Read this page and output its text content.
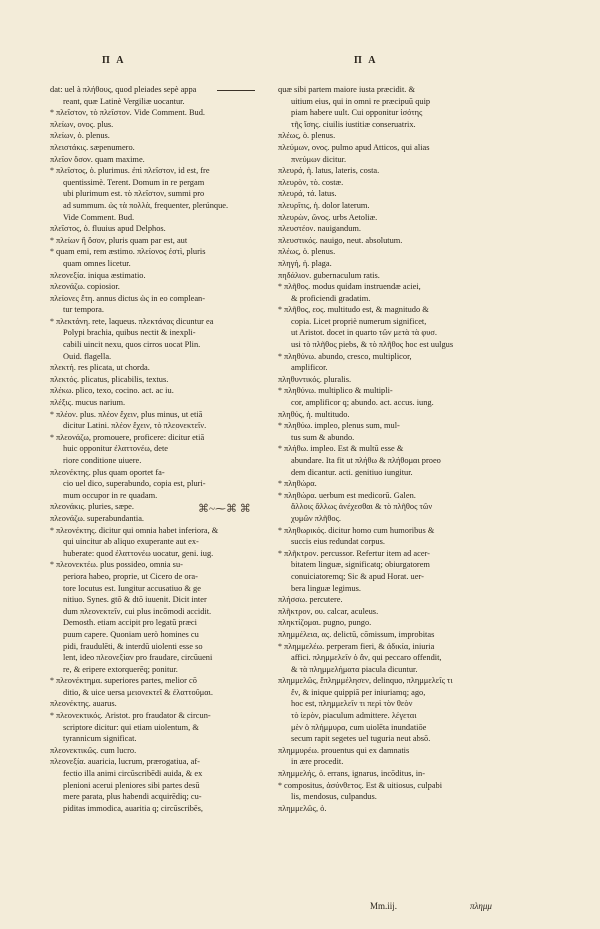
Π A	Π A
dat: uel à πλήθους, quod pleiades sepè appa
reant, quæ Latinè Vergiliæ uocantur.
* πλεῖστον, τὸ πλεῖστον. Vide Comment. Bud.
πλείων, ονος. plus.
πλείων, ὁ. plenus.
πλειστάκις. sæpenumero.
πλεῖον ὅσον. quam maxime.
* πλεῖστος, ὁ. plurimus. ἐπὶ πλεῖστον, id est, fre
quentissimè. Terent. Domum in re pergam
ubi plurimum est. τὸ πλεῖστον, summi pro
ad summum. ὡς τὰ πολλὰ, frequenter, plerúnque.
Vide Comment. Bud.
πλεῖστος, ὁ. fluuius apud Delphos.
* πλείων ἢ ὅσον, pluris quam par est, aut
* quam emi, rem æstimo. πλείονος ἐστὶ, pluris
quam omnes licetur.
πλεονεξία. iniqua æstimatio.
πλεονάζω. copiosior.
πλείονες ἔτη. annus dictus ὡς in eo complean-
tur tempora.
* πλεκτάνη. rete, laqueus. πλεκτάνας dicuntur ea
Polypi brachia, quibus nectit & inexpli-
cabili uincit nexu, quos cirros uocat Plin.
Ouid. flagella.
πλεκτή. res plicata, ut chorda.
πλεκτός. plicatus, plicabilis, textus.
πλέκω. plico, texo, cocino. act. ac iu.
πλέξις. mucus narium.
* πλέον. plus. πλέον ἔχειν, plus minus, ut etiā
dicitur Latini. πλέον ἔχειν, τὸ πλεονεκτεῖν.
* πλεονάζω, promouere, proficere: dicitur etiā
huic opponitur ἐλαττονέω, dete
riore conditione uiuere.
πλεονέκτης. plus quam oportet fa-
cio uel dico, superabundo, copia est, pluri-
mum occupor in re quadam.
πλεονάκις. pluries, sæpe.
πλεονάζω. superabundantia.
* πλεονέκτης. dicitur qui omnia habet inferiora, &
qui uincitur ab aliquo exuperante aut ex-
huberate: quod ἐλαττονέω uocatur, geni. iug.
* πλεονεκτέω. plus possideo, omnia su-
periora habeo, proprie, ut Cicero de ora-
tore locutus est. Iungitur accusatiuo & ge
nitiuo. Synes. gtō & dtō iuuenit. Dicit inter
dum πλεονεκτεῖν, cui plus incōmodi accidit.
Demosth. etiam accipit pro legatū præci
puum capere. Quoniam uerò homines cu
pidi, fraudulēti, & interdū uiolenti esse so
lent, ideo πλεονεξίαν pro fraudare, circūueni
re, & eripere extorquerēq; ponitur.
* πλεονέκτημα. superiores partes, melior cō
ditio, & uice uersa μειονεκτεῖ & ἐλαττοῦμαι.
πλεονέκτης. auarus.
* πλεονεκτικός. Aristot. pro fraudator & circun-
scriptore dicitur: qui etiam uiolentum, &
tyrannicum significat.
πλεονεκτικῶς. cum lucro.
πλεονεξία. auaricia, lucrum, prærogatiua, af-
fectio illa animi circūscribēdi auida, & ex
plenioni acerui pleniores sibi partes desū
mere parata, plus habendi acquirēdiq; cu-
piditas immodica, auaritia q; circūscribēs,
quæ sibi partem maiore iusta præcidit. &
uitium eius, qui in omni re præcipuū quip
piam habere uult. Cui opponitur ἰσότης
τῆς ἴσης. ciuilis iustitiæ conseruatrix.
πλέως, ὁ. plenus.
πλεύμων, ονος. pulmo apud Atticos, qui alias
πνεύμων dicitur.
πλευρά, ἡ. latus, lateris, costa.
πλευρὸν, τὸ. costæ.
πλευρά, τά. latus.
πλευρῖτις, ἡ. dolor laterum.
πλευρὼν, ῶνος. urbs Aetoliæ.
πλευστέον. nauigandum.
πλευστικός. nauigo, neut. absolutum.
πλέως, ὁ. plenus.
πληγή, ἡ. plaga.
πηδάλιον. gubernaculum ratis.
* πλῆθος. modus quidam instruendæ aciei,
& proficiendi gradatim.
* πλῆθος, εος. multitudo est, & magnitudo &
copia. Licet propriè numerum significet,
ut Aristot. docet in quarto τῶν μετὰ τὰ φυσ.
usi τὸ πλῆθος piebs, & τὸ πλῆθος hoc est uulgus
* πληθύνω. abundo, cresco, multiplicor,
amplificor.
πληθυντικός. pluralis.
* πληθύνω. multiplico & multipli-
cor, amplificor q; abundo. act. accus. iung.
πληθύς, ἡ. multitudo.
* πληθύω. impleo, plenus sum, mul-
tus sum & abundo.
* πλήθω. impleo. Est & multū esse &
abundare. Ita fit ut πλήθω & πλήθομαι proeo
dem dicantur. acti. genitiuo iungitur.
* πληθώρα.
* πληθώρα. uerbum est medicorū. Galen.
ἄλλοις ἄλλως ἀνέχεσθαι & τὸ πλῆθος τῶν
χυμῶν πλῆθος.
* πληθωρικός. dicitur homo cum humoribus &
succis eius redundat corpus.
* πλῆκτρον. percussor. Refertur item ad acer-
bitatem linguæ, significatq; obiurgatorem
conuiciatoremq; Sic & apud Horat. uer-
bera linguæ legimus.
πλήσσω. percutere.
πλῆκτρον, ου. calcar, aculeus.
πληκτίζομαι. pugno, pungo.
πλημμέλεια, ας. delictū, cōmissum, improbitas
* πλημμελέω. perperam fieri, & ἀδικία, iniuria
affici. πλημμελεῖν ὁ ἂν, qui peccaro offendit,
& τὰ πλημμελήματα piacula dicuntur.
πλημμελῶς, ἔπλημμέλησεν, delinquo, πλημμελεῖς τι
ἔν, & inique quippiā per iniuriamq; ago,
hoc est, πλημμελεῖν τι περὶ τὸν θεὸν
τὸ ἱερὸν, piaculum admittere. λέγεται
μὲν ὁ πλήμμυρα, cum uiolēta inundatiōe
secum rapit segetes uel tuguria neut absō.
πλημμυρέω. prouentus qui ex damnatis
in ære procedit.
πλημμελής, ὁ. errans, ignarus, incōditus, in-
* compositus, ἀσύνθετος. Est & uitiosus, culpabi
lis, mendosus, culpandus.
πλημμελῶς, ὁ.
⌘~⁓⌘ ⌘
Mm.iij.	πλημμ
